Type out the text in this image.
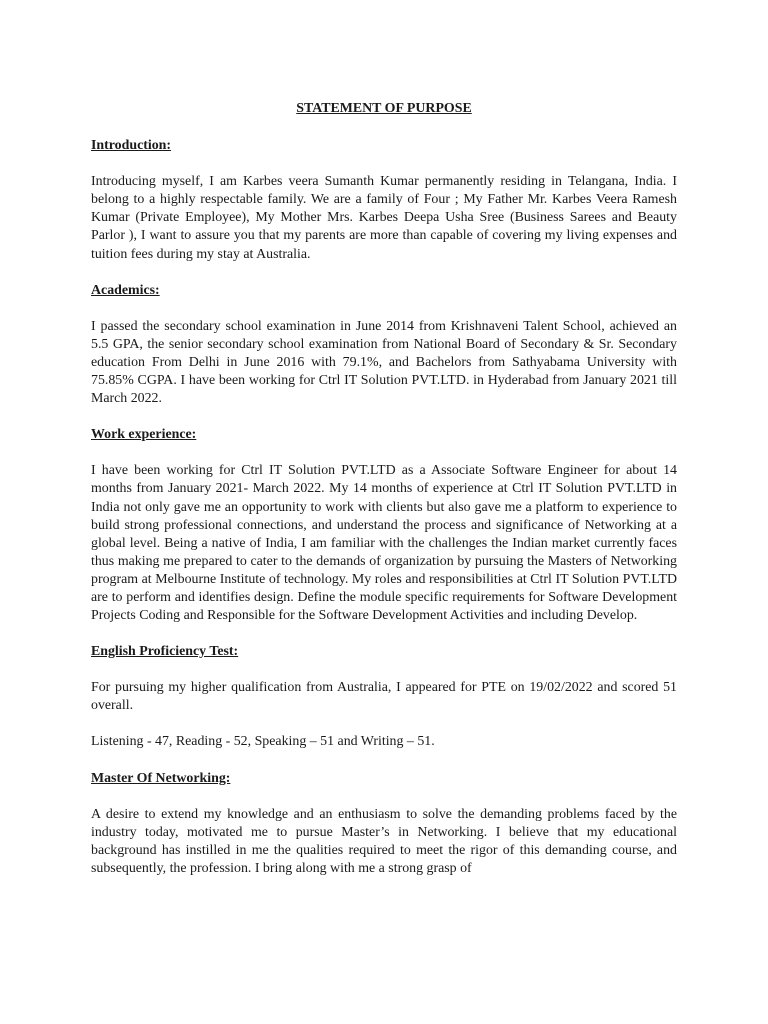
STATEMENT OF PURPOSE
Introduction:

Introducing myself, I am Karbes veera Sumanth Kumar permanently residing in Telangana, India. I belong to a highly respectable family. We are a family of Four ; My Father Mr. Karbes Veera Ramesh Kumar (Private Employee), My Mother Mrs. Karbes Deepa Usha Sree (Business Sarees and Beauty Parlor ), I want to assure you that my parents are more than capable of covering my living expenses and tuition fees during my stay at Australia.

Academics:

I passed the secondary school examination in June 2014 from Krishnaveni Talent School, achieved an 5.5 GPA, the senior secondary school examination from National Board of Secondary & Sr. Secondary education From Delhi in June 2016 with 79.1%, and Bachelors from Sathyabama University with 75.85% CGPA. I have been working for Ctrl IT Solution PVT.LTD. in Hyderabad from January 2021 till March 2022.

Work experience:

I have been working for Ctrl IT Solution PVT.LTD as a Associate Software Engineer for about 14 months from January 2021- March 2022. My 14 months of experience at Ctrl IT Solution PVT.LTD in India not only gave me an opportunity to work with clients but also gave me a platform to experience to build strong professional connections, and understand the process and significance of Networking at a global level. Being a native of India, I am familiar with the challenges the Indian market currently faces thus making me prepared to cater to the demands of organization by pursuing the Masters of Networking program at Melbourne Institute of technology. My roles and responsibilities at Ctrl IT Solution PVT.LTD are to perform and identifies design. Define the module specific requirements for Software Development Projects Coding and Responsible for the Software Development Activities and including Develop.

English Proficiency Test:

For pursuing my higher qualification from Australia, I appeared for PTE on 19/02/2022 and scored 51 overall.

Listening - 47, Reading - 52, Speaking – 51 and Writing – 51.

Master Of Networking:

A desire to extend my knowledge and an enthusiasm to solve the demanding problems faced by the industry today, motivated me to pursue Master’s in Networking. I believe that my educational background has instilled in me the qualities required to meet the rigor of this demanding course, and subsequently, the profession. I bring along with me a strong grasp of
